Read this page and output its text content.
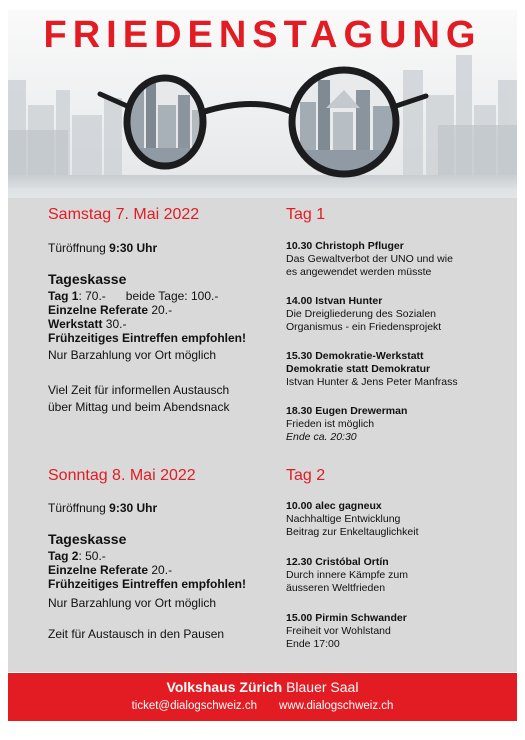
FRIEDENSTAGUNG
Samstag 7. Mai 2022
Türöffnung 9:30 Uhr
Tageskasse
Tag 1: 70.-      beide Tage: 100.-
Einzelne Referate 20.-
Werkstatt 30.-
Frühzeitiges Eintreffen empfohlen!
Nur Barzahlung vor Ort möglich
Viel Zeit für informellen Austausch
über Mittag und beim Abendsnack
Tag 1
10.30 Christoph Pfluger
Das Gewaltverbot der UNO und wie
es angewendet werden müsste
14.00 Istvan Hunter
Die Dreigliederung des Sozialen
Organismus - ein Friedensprojekt
15.30 Demokratie-Werkstatt
Demokratie statt Demokratur
Istvan Hunter & Jens Peter Manfrass
18.30 Eugen Drewerman
Frieden ist möglich
Ende ca. 20:30
Sonntag 8. Mai 2022
Türöffnung 9:30 Uhr
Tageskasse
Tag 2: 50.-
Einzelne Referate 20.-
Frühzeitiges Eintreffen empfohlen!
Nur Barzahlung vor Ort möglich
Zeit für Austausch in den Pausen
Tag 2
10.00 alec gagneux
Nachhaltige Entwicklung
Beitrag zur Enkeltauglichkeit
12.30 Cristóbal Ortín
Durch innere Kämpfe zum
äusseren Weltfrieden
15.00 Pirmin Schwander
Freiheit vor Wohlstand
Ende 17:00
Volkshaus Zürich Blauer Saal
ticket@dialogschweiz.ch www.dialogschweiz.ch
